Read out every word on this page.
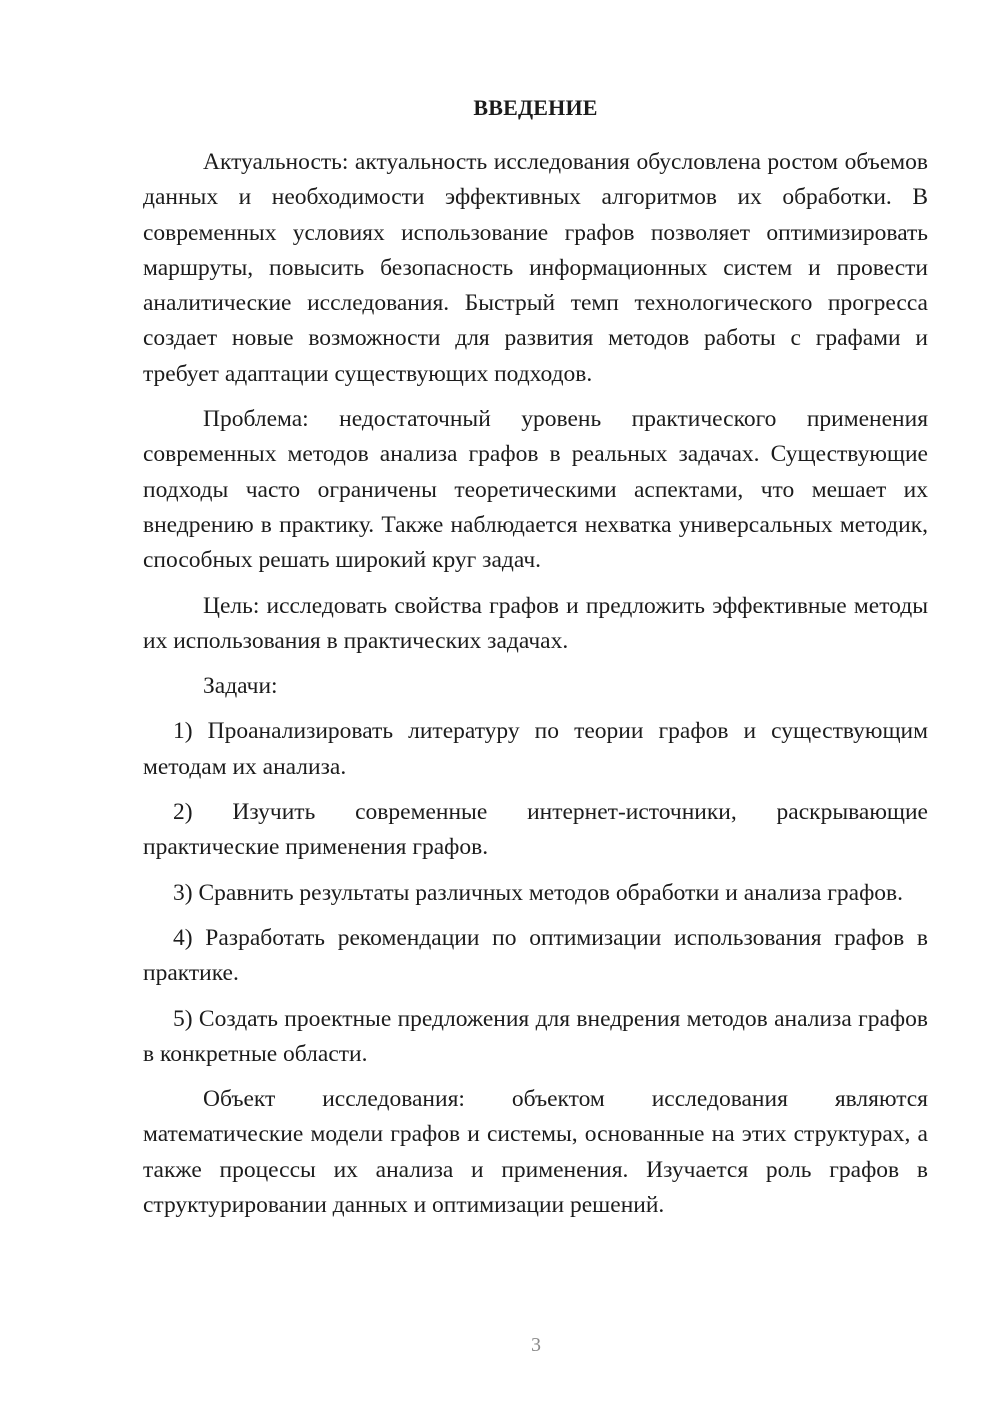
ВВЕДЕНИЕ

Актуальность: актуальность исследования обусловлена ростом объемов данных и необходимости эффективных алгоритмов их обработки. В современных условиях использование графов позволяет оптимизировать маршруты, повысить безопасность информационных систем и провести аналитические исследования. Быстрый темп технологического прогресса создает новые возможности для развития методов работы с графами и требует адаптации существующих подходов.

Проблема: недостаточный уровень практического применения современных методов анализа графов в реальных задачах. Существующие подходы часто ограничены теоретическими аспектами, что мешает их внедрению в практику. Также наблюдается нехватка универсальных методик, способных решать широкий круг задач.

Цель: исследовать свойства графов и предложить эффективные методы их использования в практических задачах.

Задачи:

1) Проанализировать литературу по теории графов и существующим методам их анализа.

2) Изучить современные интернет-источники, раскрывающие практические применения графов.

3) Сравнить результаты различных методов обработки и анализа графов.

4) Разработать рекомендации по оптимизации использования графов в практике.

5) Создать проектные предложения для внедрения методов анализа графов в конкретные области.

Объект исследования: объектом исследования являются математические модели графов и системы, основанные на этих структурах, а также процессы их анализа и применения. Изучается роль графов в структурировании данных и оптимизации решений.

3
